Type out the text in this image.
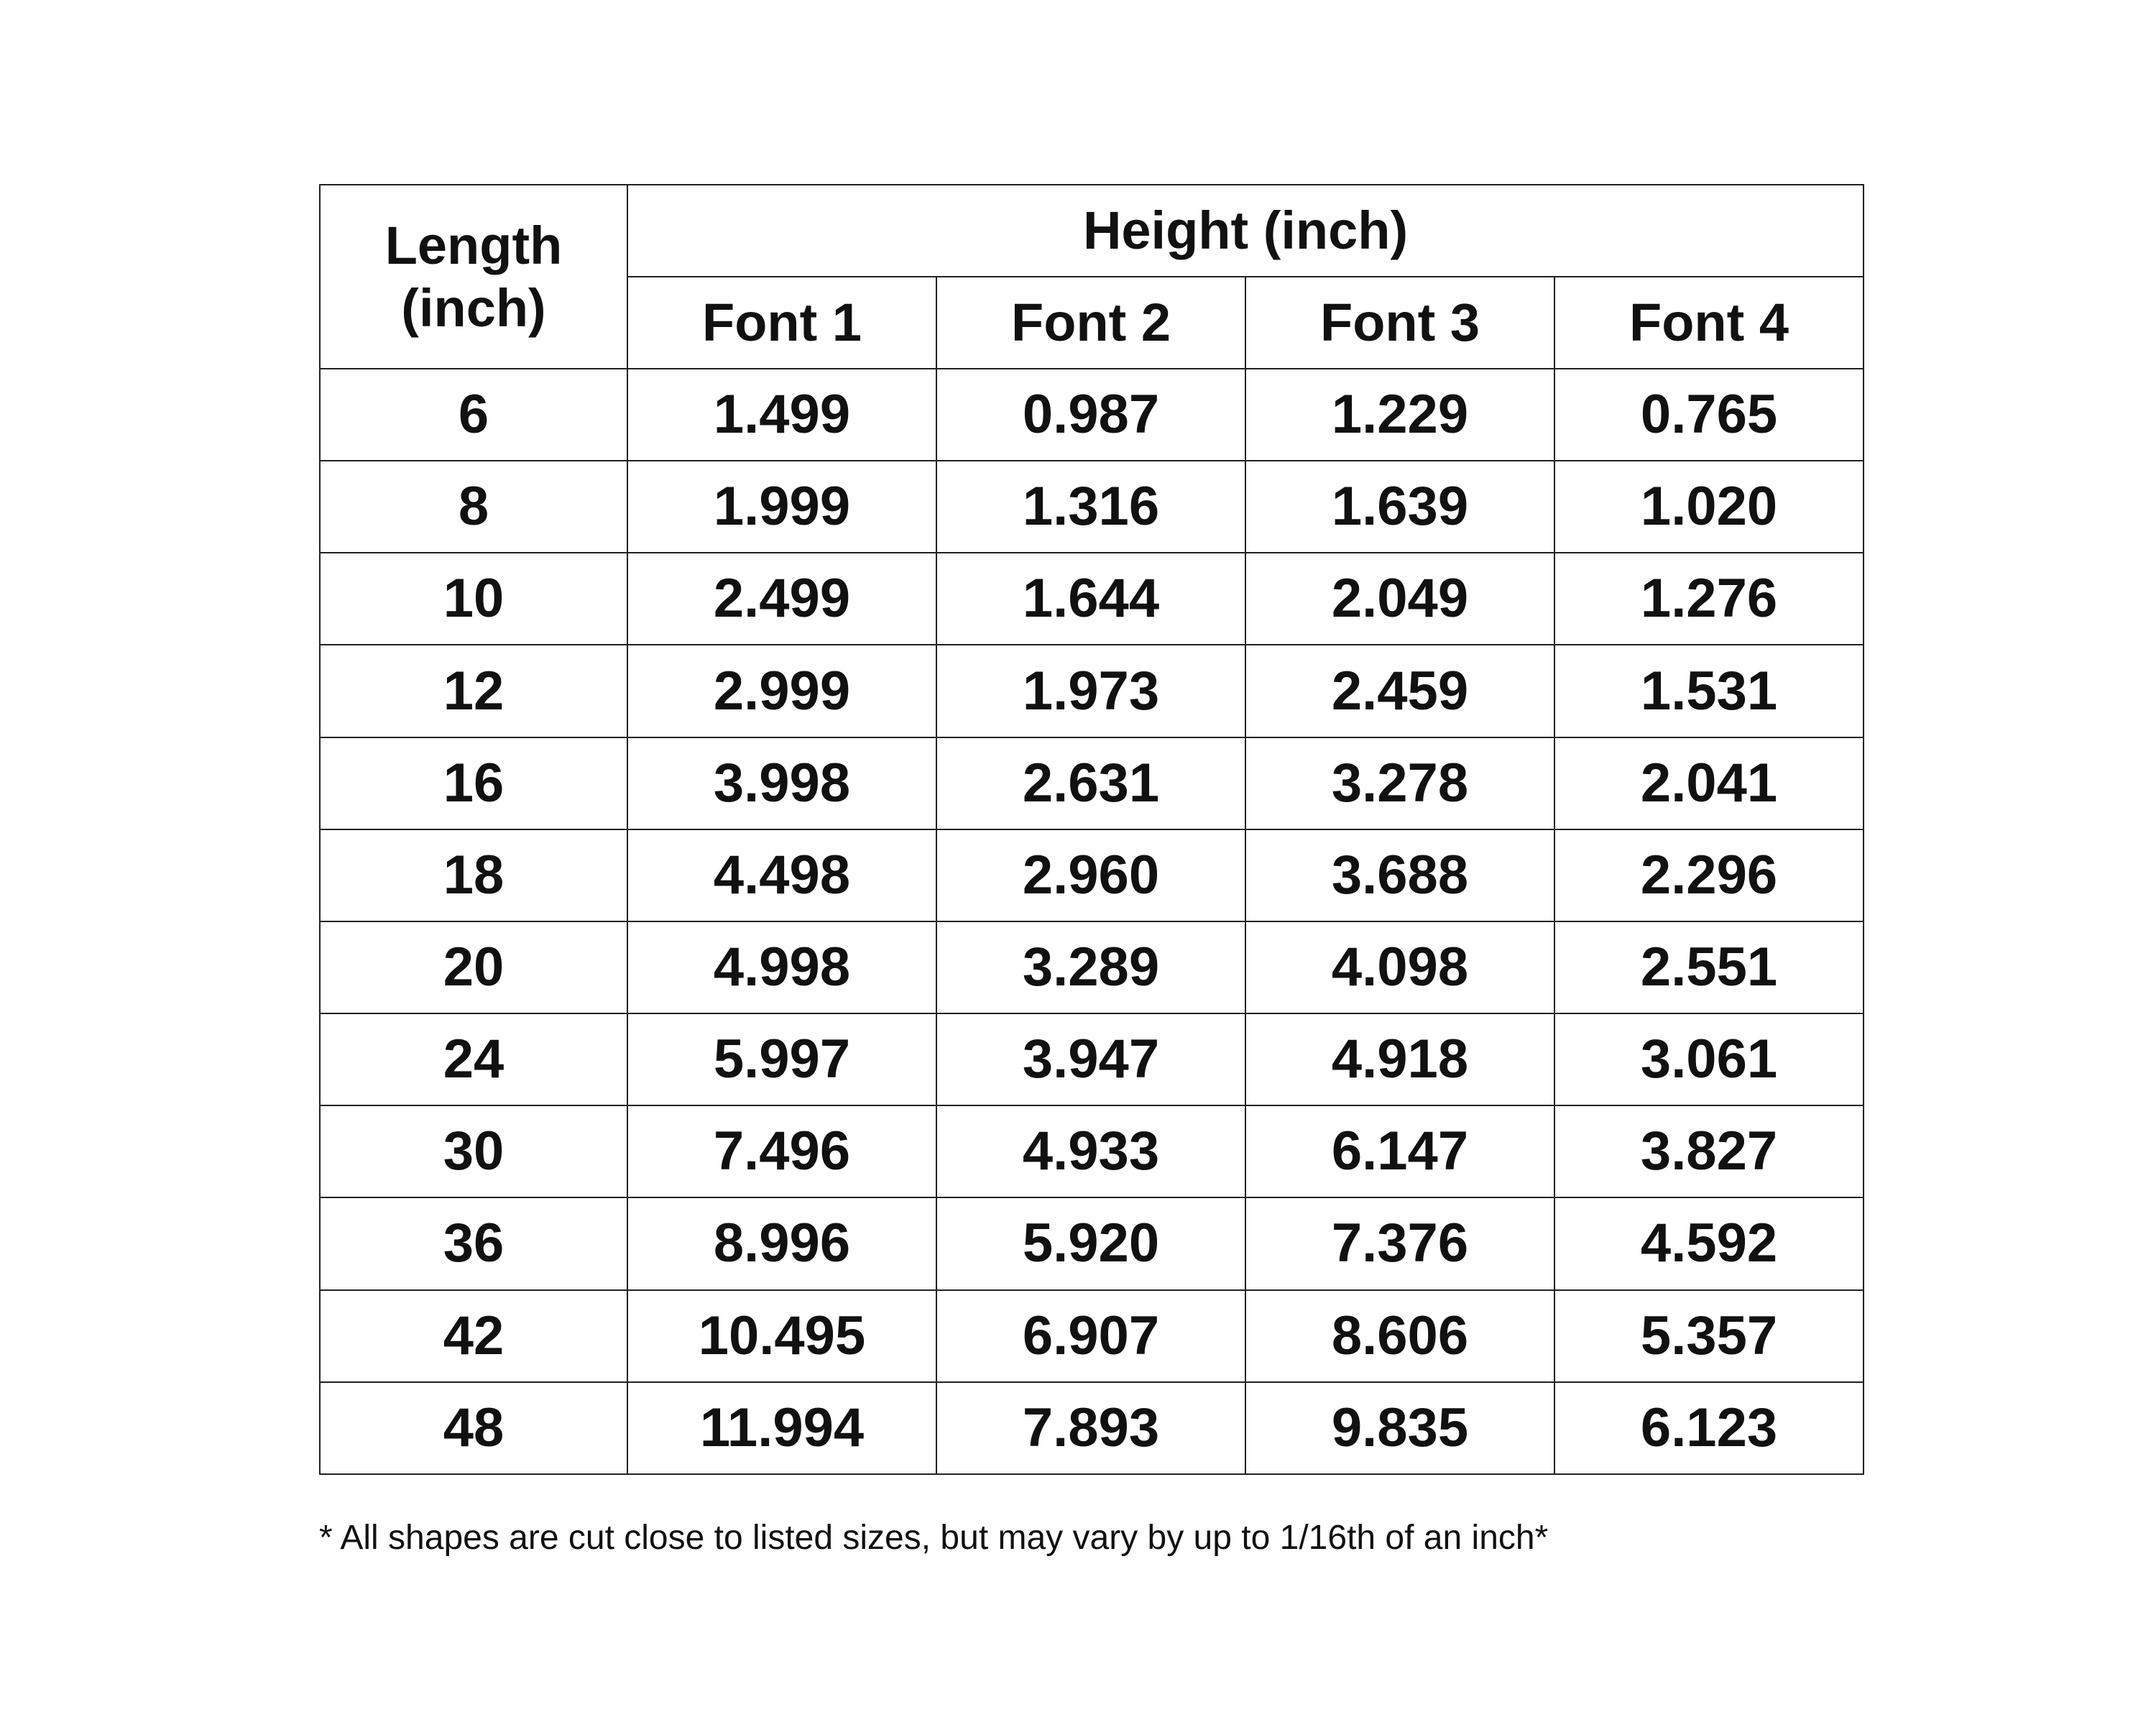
Length
(inch)	Height (inch)			
	Font 1	Font 2	Font 3	Font 4
6	1.499	0.987	1.229	0.765
8	1.999	1.316	1.639	1.020
10	2.499	1.644	2.049	1.276
12	2.999	1.973	2.459	1.531
16	3.998	2.631	3.278	2.041
18	4.498	2.960	3.688	2.296
20	4.998	3.289	4.098	2.551
24	5.997	3.947	4.918	3.061
30	7.496	4.933	6.147	3.827
36	8.996	5.920	7.376	4.592
42	10.495	6.907	8.606	5.357
48	11.994	7.893	9.835	6.123
* All shapes are cut close to listed sizes, but may vary by up to 1/16th of an inch*
